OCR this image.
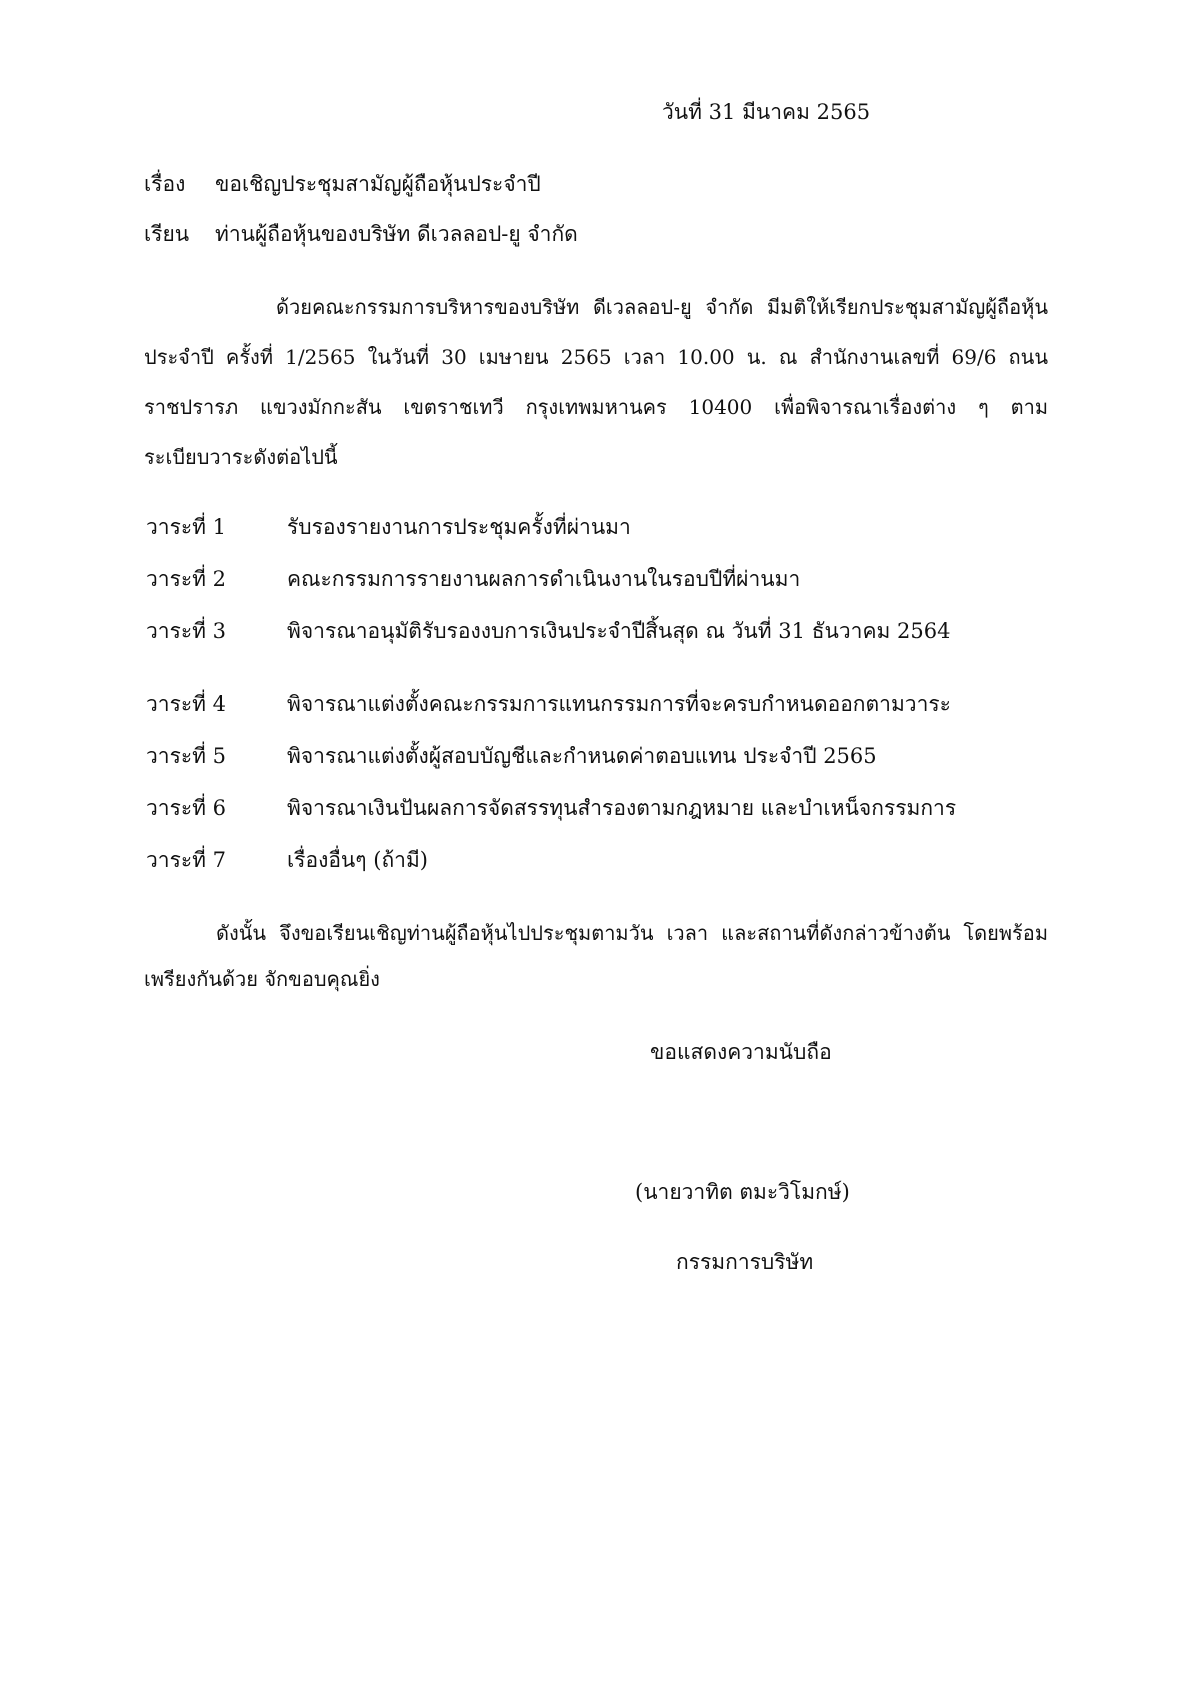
วันที่ 31 มีนาคม 2565
เรื่อง ขอเชิญประชุมสามัญผู้ถือหุ้นประจำปี
เรียน ท่านผู้ถือหุ้นของบริษัท ดีเวลลอป-ยู จำกัด
ด้วยคณะกรรมการบริหารของบริษัท ดีเวลลอป-ยู จำกัด มีมติให้เรียกประชุมสามัญผู้ถือหุ้นประจำปี ครั้งที่ 1/2565 ในวันที่ 30 เมษายน 2565 เวลา 10.00 น. ณ สำนักงานเลขที่ 69/6 ถนนราชปรารภ แขวงมักกะสัน เขตราชเทวี กรุงเทพมหานคร 10400 เพื่อพิจารณาเรื่องต่าง ๆ ตามระเบียบวาระดังต่อไปนี้
วาระที่ 1	รับรองรายงานการประชุมครั้งที่ผ่านมา
วาระที่ 2	คณะกรรมการรายงานผลการดำเนินงานในรอบปีที่ผ่านมา
วาระที่ 3	พิจารณาอนุมัติรับรองงบการเงินประจำปีสิ้นสุด ณ วันที่ 31 ธันวาคม 2564
วาระที่ 4	พิจารณาแต่งตั้งคณะกรรมการแทนกรรมการที่จะครบกำหนดออกตามวาระ
วาระที่ 5	พิจารณาแต่งตั้งผู้สอบบัญชีและกำหนดค่าตอบแทน ประจำปี 2565
วาระที่ 6	พิจารณาเงินปันผลการจัดสรรทุนสำรองตามกฎหมาย และบำเหน็จกรรมการ
วาระที่ 7	เรื่องอื่นๆ (ถ้ามี)
ดังนั้น จึงขอเรียนเชิญท่านผู้ถือหุ้นไปประชุมตามวัน เวลา และสถานที่ดังกล่าวข้างต้น โดยพร้อมเพรียงกันด้วย จักขอบคุณยิ่ง
ขอแสดงความนับถือ
(นายวาทิต ตมะวิโมกษ์)
กรรมการบริษัท
